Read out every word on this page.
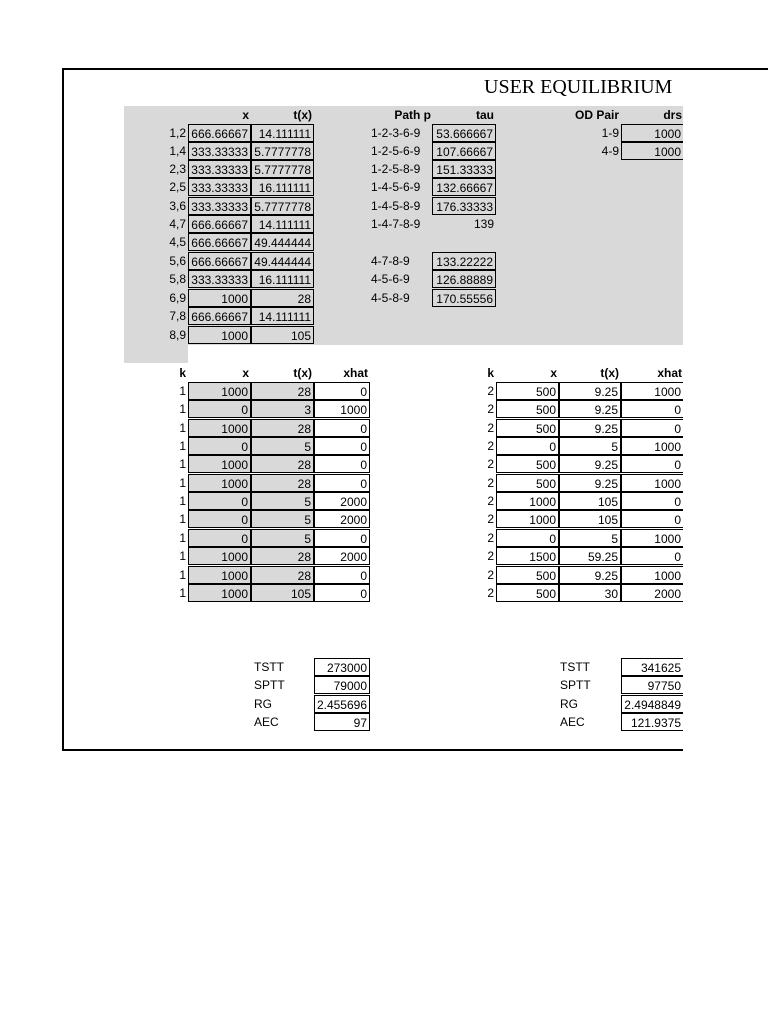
USER EQUILIBRIUM
x	t(x)
1,2 666.66667 14.111111
1,4 333.33333 5.7777778
2,3 333.33333 5.7777778
2,5 333.33333 16.111111
3,6 333.33333 5.7777778
4,7 666.66667 14.111111
4,5 666.66667 49.444444
5,6 666.66667 49.444444
5,8 333.33333 16.111111
6,9	1000	28
7,8 666.66667 14.111111
8,9	1000	105
Path p	tau
1-2-3-6-9	53.666667
1-2-5-6-9	107.66667
1-2-5-8-9	151.33333
1-4-5-6-9	132.66667
1-4-5-8-9	176.33333
1-4-7-8-9	139
4-7-8-9	133.22222
4-5-6-9	126.88889
4-5-8-9	170.55556
OD Pair	drs
1-9	1000
4-9	1000
k	x	t(x)	xhat
1	1000	28	0
1	0	3	1000
1	1000	28	0
1	0	5	0
1	1000	28	0
1	1000	28	0
1	0	5	2000
1	0	5	2000
1	0	5	0
1	1000	28	2000
1	1000	28	0
1	1000	105	0
k	x	t(x)	xhat
2	500	9.25	1000
2	500	9.25	0
2	500	9.25	0
2	0	5	1000
2	500	9.25	0
2	500	9.25	1000
2	1000	105	0
2	1000	105	0
2	0	5	1000
2	1500	59.25	0
2	500	9.25	1000
2	500	30	2000
TSTT	273000	TSTT	341625
SPTT	79000	SPTT	97750
RG	2.455696	RG	2.4948849
AEC	97	AEC	121.9375
